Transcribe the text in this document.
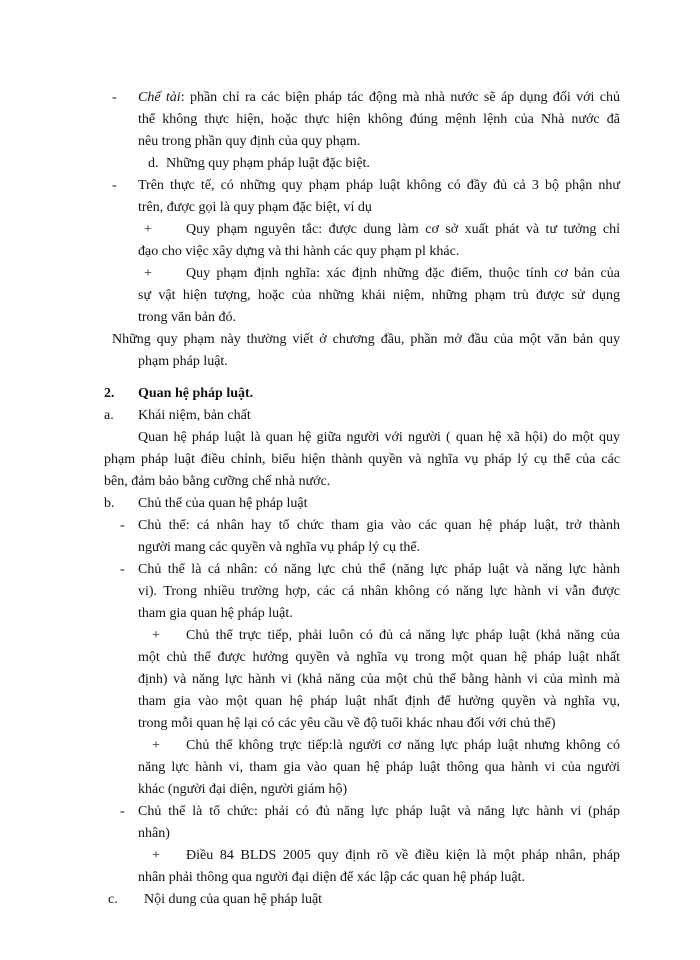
- Chế tài: phần chỉ ra các biện pháp tác động mà nhà nước sẽ áp dụng đối với chủ
thể không thực hiện, hoặc thực hiện không đúng mệnh lệnh của Nhà nước đã
nêu trong phần quy định của quy phạm.
d. Những quy phạm pháp luật đặc biệt.
- Trên thực tế, có những quy phạm pháp luật không có đầy đủ cả 3 bộ phận như
trên, được gọi là quy phạm đặc biệt, ví dụ
+ Quy phạm nguyên tắc: được dung làm cơ sở xuất phát và tư tưởng chỉ
đạo cho việc xây dựng và thi hành các quy phạm pl khác.
+ Quy phạm định nghĩa: xác định những đặc điểm, thuộc tính cơ bản của
sự vật hiện tượng, hoặc của những khái niệm, những phạm trù được sử dụng
trong văn bản đó.
Những quy phạm này thường viết ở chương đầu, phần mở đầu của một văn bản quy
phạm pháp luật.
2. Quan hệ pháp luật.
a. Khái niệm, bản chất
Quan hệ pháp luật là quan hệ giữa người với người ( quan hệ xã hội) do một quy
phạm pháp luật điều chỉnh, biểu hiện thành quyền và nghĩa vụ pháp lý cụ thể của các
bên, đảm bảo bằng cưỡng chế nhà nước.
b. Chủ thể của quan hệ pháp luật
- Chủ thể: cá nhân hay tổ chức tham gia vào các quan hệ pháp luật, trở thành
người mang các quyền và nghĩa vụ pháp lý cụ thể.
- Chủ thể là cá nhân: có năng lực chủ thể (năng lực pháp luật và năng lực hành
vi). Trong nhiều trường hợp, các cá nhân không có năng lực hành vi vẫn được
tham gia quan hệ pháp luật.
+ Chủ thể trực tiếp, phải luôn có đủ cả năng lực pháp luật (khả năng của
một chủ thể được hưởng quyền và nghĩa vụ trong một quan hệ pháp luật nhất
định) và năng lực hành vi (khả năng của một chủ thể bằng hành vi của mình mà
tham gia vào một quan hệ pháp luật nhất định để hưởng quyền và nghĩa vụ,
trong mỗi quan hệ lại có các yêu cầu về độ tuổi khác nhau đối với chủ thể)
+ Chủ thể không trực tiếp:là người cơ năng lực pháp luật nhưng không có
năng lực hành vi, tham gia vào quan hệ pháp luật thông qua hành vi của người
khác (người đại diện, người giám hộ)
- Chủ thể là tổ chức: phải có đủ năng lực pháp luật và năng lực hành vi (pháp
nhân)
+ Điều 84 BLDS 2005 quy định rõ về điều kiện là một pháp nhân, pháp
nhân phải thông qua người đại diện để xác lập các quan hệ pháp luật.
c. Nội dung của quan hệ pháp luật
